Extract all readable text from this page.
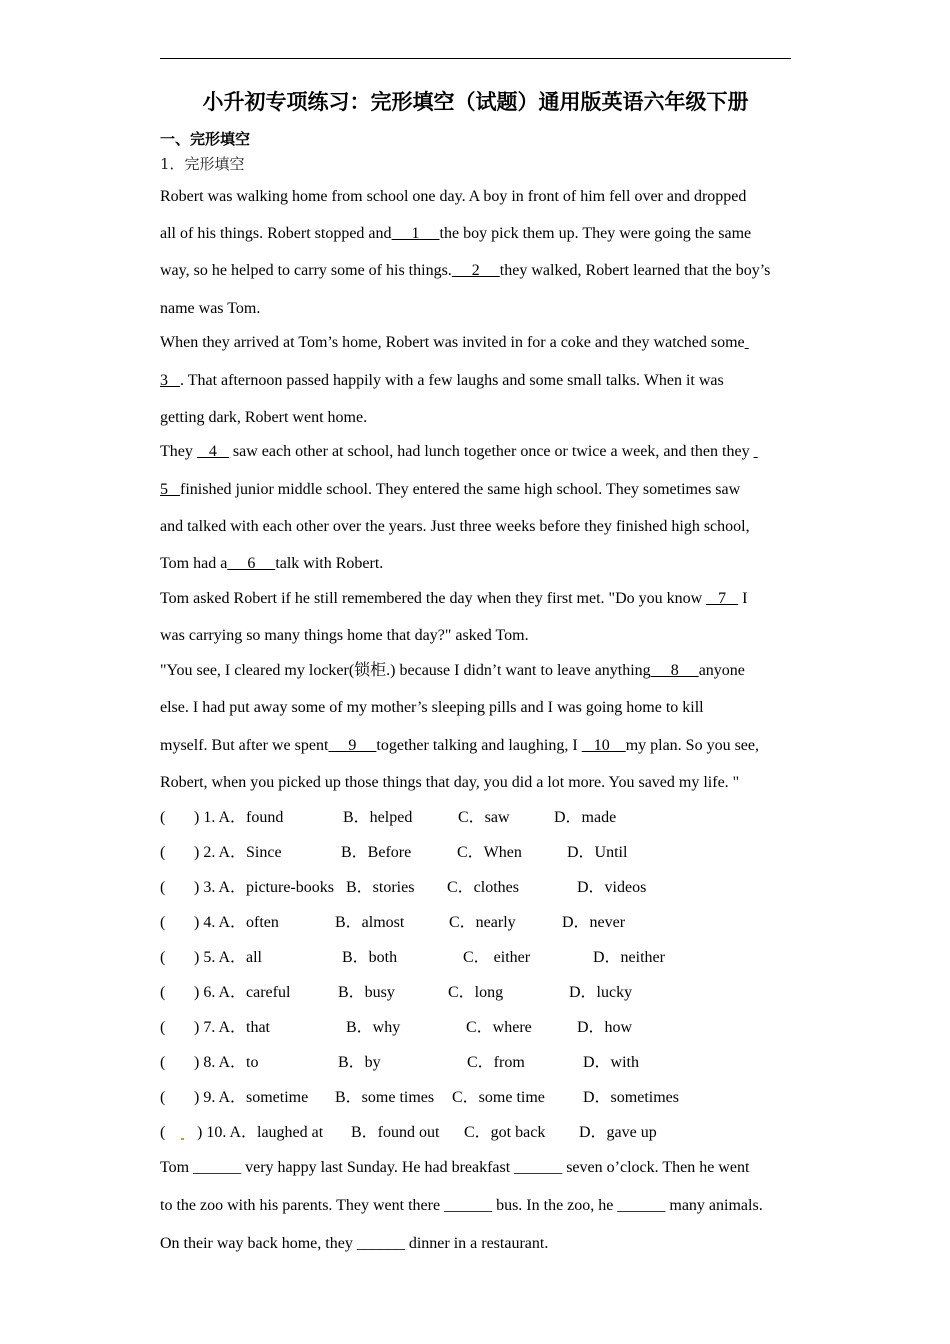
小升初专项练习：完形填空（试题）通用版英语六年级下册
一、完形填空
1．完形填空
Robert was walking home from school one day. A boy in front of him fell over and dropped
all of his things. Robert stopped and     1     the boy pick them up. They were going the same
way, so he helped to carry some of his things.     2     they walked, Robert learned that the boy’s
name was Tom.
When they arrived at Tom’s home, Robert was invited in for a coke and they watched some
3   . That afternoon passed happily with a few laughs and some small talks. When it was
getting dark, Robert went home.
They    4    saw each other at school, had lunch together once or twice a week, and then they
5   finished junior middle school. They entered the same high school. They sometimes saw
and talked with each other over the years. Just three weeks before they finished high school,
Tom had a     6     talk with Robert.
Tom asked Robert if he still remembered the day when they first met. "Do you know    7    I
was carrying so many things home that day?" asked Tom.
"You see, I cleared my locker(锁柜.) because I didn’t want to leave anything     8     anyone
else. I had put away some of my mother’s sleeping pills and I was going home to kill
myself. But after we spent     9     together talking and laughing, I    10    my plan. So you see,
Robert, when you picked up those things that day, you did a lot more. You saved my life. "
( ) 1. A．found	B．helped	C．saw	D．made
( ) 2. A．Since	B．Before	C．When	D．Until
( ) 3. A．picture-books B．stories C．clothes	D．videos
( ) 4. A．often	B．almost	C．nearly	D．never
( ) 5. A．all	B．both	C． either	D．neither
( ) 6. A．careful	B．busy	C．long	D．lucky
( ) 7. A．that	B．why	C．where	D．how
( ) 8. A．to	B．by	C．from	D．with
( ) 9. A．sometime B．some times C．some time D．sometimes
( ) 10. A．laughed at B．found out C．got back D．gave up
Tom ______ very happy last Sunday. He had breakfast ______ seven o’clock. Then he went
to the zoo with his parents. They went there ______ bus. In the zoo, he ______ many animals.
On their way back home, they ______ dinner in a restaurant.
